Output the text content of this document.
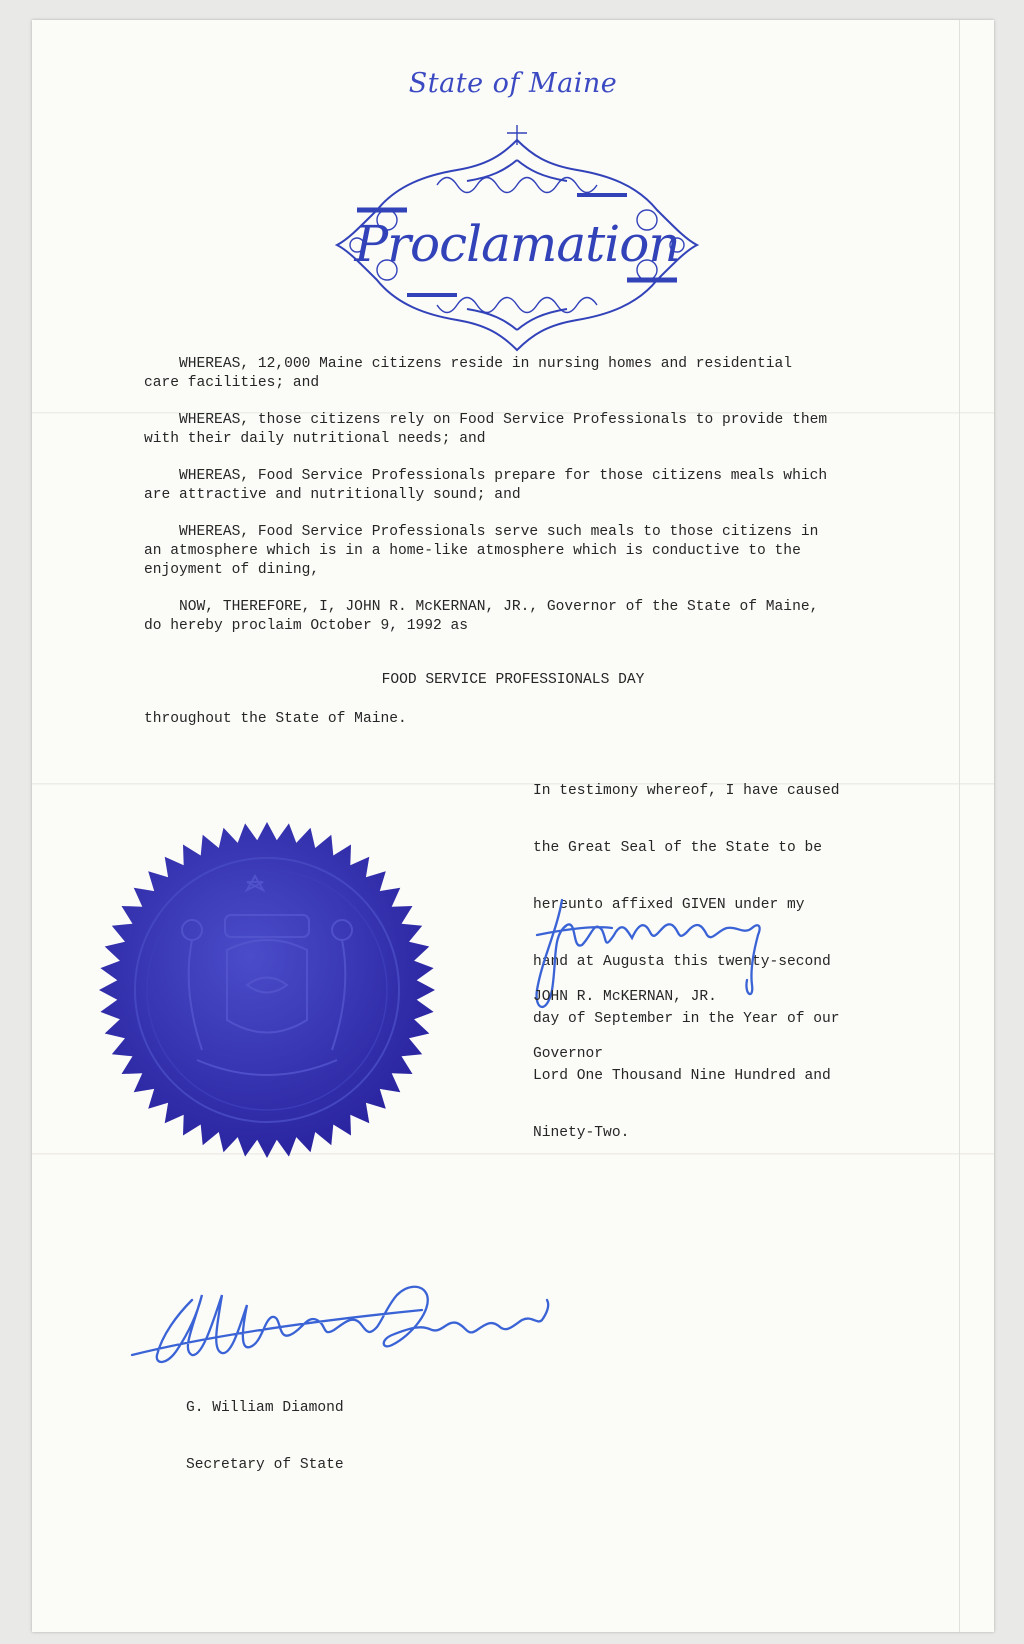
State of Maine
Proclamation
WHEREAS, 12,000 Maine citizens reside in nursing homes and residential
care facilities; and
WHEREAS, those citizens rely on Food Service Professionals to provide them
with their daily nutritional needs; and
WHEREAS, Food Service Professionals prepare for those citizens meals which
are attractive and nutritionally sound; and
WHEREAS, Food Service Professionals serve such meals to those citizens in
an atmosphere which is in a home-like atmosphere which is conductive to the
enjoyment of dining,
NOW, THEREFORE, I, JOHN R. McKERNAN, JR., Governor of the State of Maine,
do hereby proclaim October 9, 1992 as
FOOD SERVICE PROFESSIONALS DAY
throughout the State of Maine.

In testimony whereof, I have caused

the Great Seal of the State to be

hereunto affixed GIVEN under my

hand at Augusta this twenty-second

day of September in the Year of our

Lord One Thousand Nine Hundred and

Ninety-Two.

JOHN R. McKERNAN, JR.

Governor

G. William Diamond

Secretary of State
